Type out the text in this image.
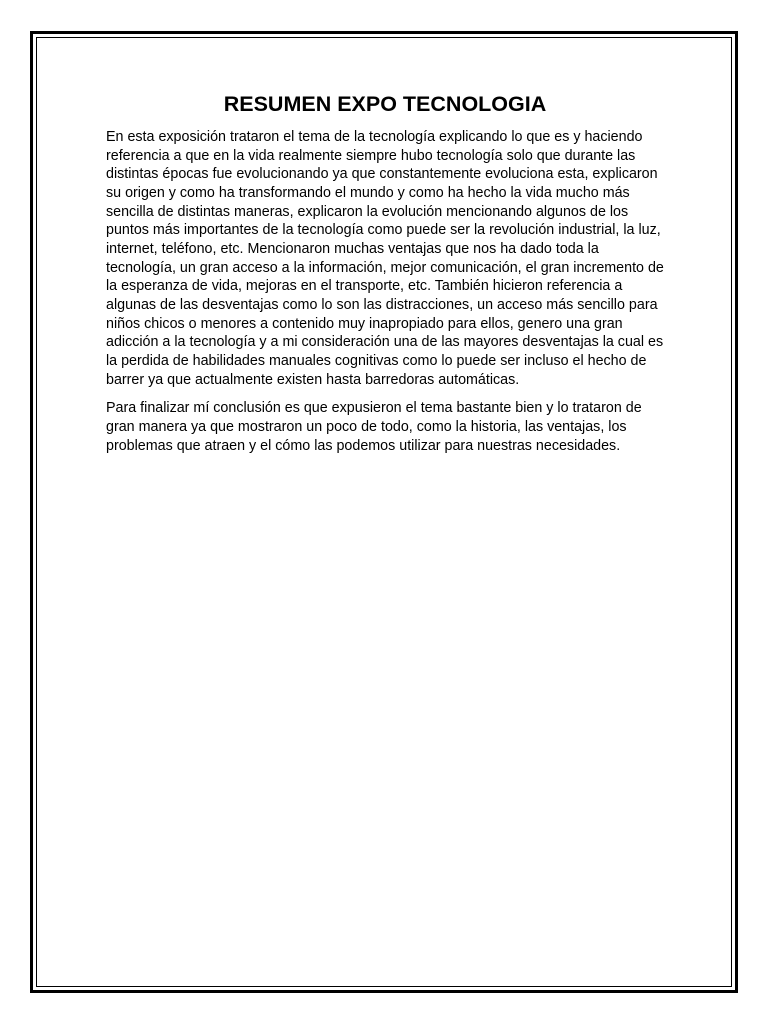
RESUMEN EXPO TECNOLOGIA

En esta exposición trataron el tema de la tecnología explicando lo que es y haciendo referencia a que en la vida realmente siempre hubo tecnología solo que durante las distintas épocas fue evolucionando ya que constantemente evoluciona esta, explicaron su origen y como ha transformando el mundo y como ha hecho la vida mucho más sencilla de distintas maneras, explicaron la evolución mencionando algunos de los puntos más importantes de la tecnología como puede ser la revolución industrial, la luz, internet, teléfono, etc. Mencionaron muchas ventajas que nos ha dado toda la tecnología, un gran acceso a la información, mejor comunicación, el gran incremento de la esperanza de vida, mejoras en el transporte, etc. También hicieron referencia a algunas de las desventajas como lo son las distracciones, un acceso más sencillo para niños chicos o menores a contenido muy inapropiado para ellos, genero una gran adicción a la tecnología y a mi consideración una de las mayores desventajas la cual es la perdida de habilidades manuales cognitivas como lo puede ser incluso el hecho de barrer ya que actualmente existen hasta barredoras automáticas.

Para finalizar mí conclusión es que expusieron el tema bastante bien y lo trataron de gran manera ya que mostraron un poco de todo, como la historia, las ventajas, los problemas que atraen y el cómo las podemos utilizar para nuestras necesidades.
